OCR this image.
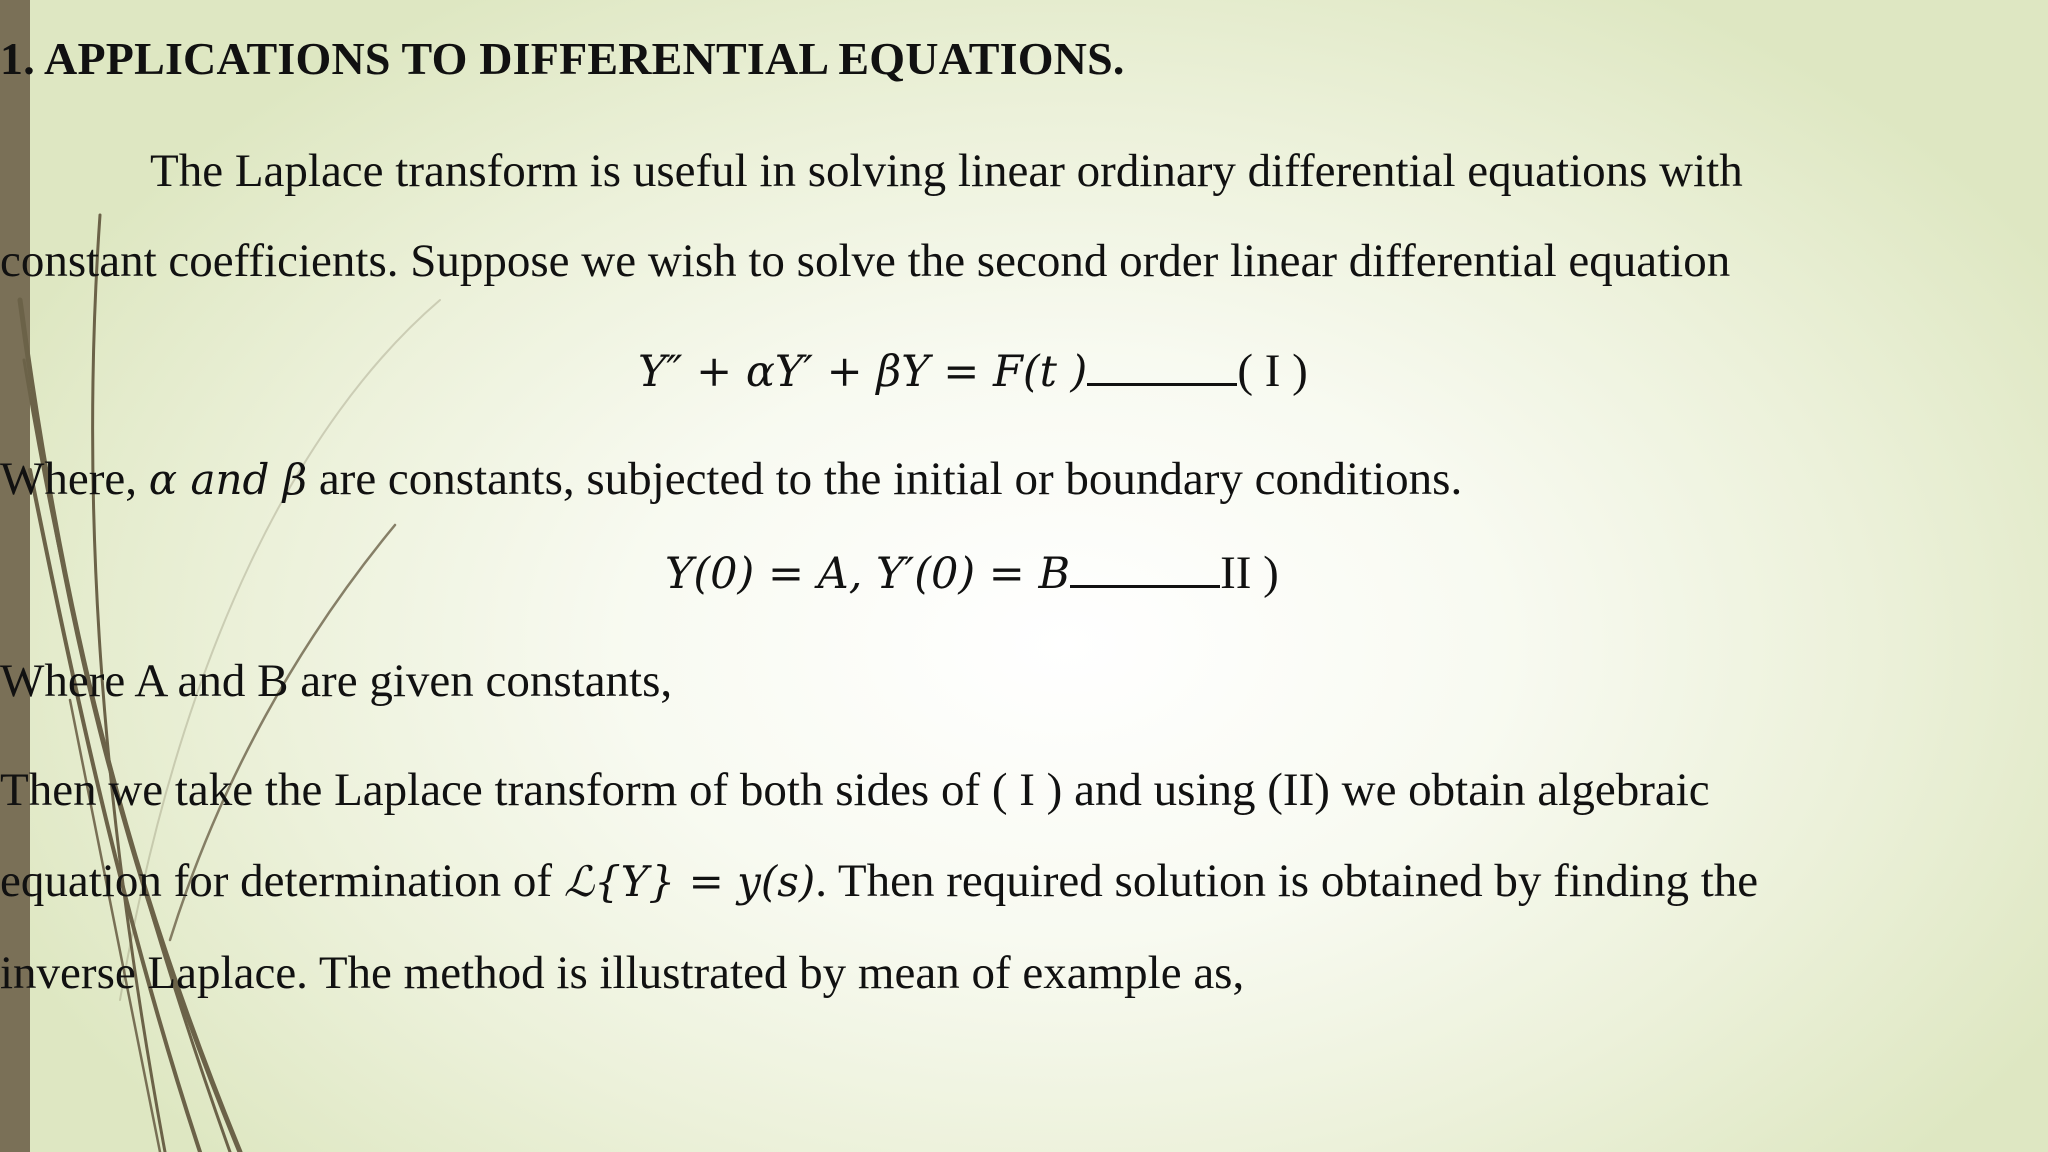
1. APPLICATIONS TO DIFFERENTIAL EQUATIONS.
The Laplace transform is useful in solving linear ordinary differential equations with
constant coefficients. Suppose we wish to solve the second order linear differential equation
Y″ + αY′ + βY = F(t )	( I )
Where, α and β are constants, subjected to the initial or boundary conditions.
Y(0) = A, Y′(0) = B	II )
Where A and B are given constants,
Then we take the Laplace transform of both sides of ( I ) and using (II) we obtain algebraic
equation for determination of ℒ{Y} = y(s). Then required solution is obtained by finding the
inverse Laplace. The method is illustrated by mean of example as,
